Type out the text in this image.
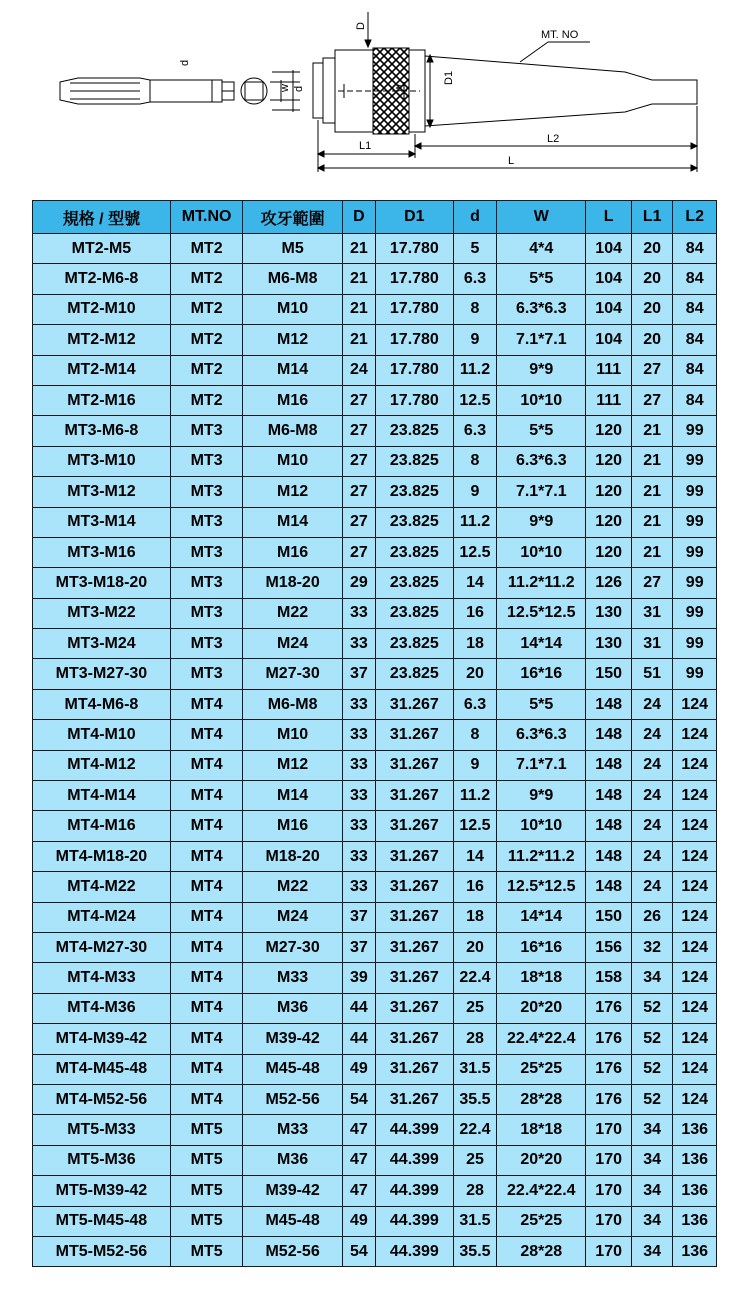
d
w d	w
D
MT. NO
D1
L1
L2
L
規格 / 型號	MT.NO	攻牙範圍	D	D1	d	W	L	L1	L2
MT2-M5	MT2	M5	21	17.780	5	4*4	104	20	84
MT2-M6-8	MT2	M6-M8	21	17.780	6.3	5*5	104	20	84
MT2-M10	MT2	M10	21	17.780	8	6.3*6.3	104	20	84
MT2-M12	MT2	M12	21	17.780	9	7.1*7.1	104	20	84
MT2-M14	MT2	M14	24	17.780	11.2	9*9	111	27	84
MT2-M16	MT2	M16	27	17.780	12.5	10*10	111	27	84
MT3-M6-8	MT3	M6-M8	27	23.825	6.3	5*5	120	21	99
MT3-M10	MT3	M10	27	23.825	8	6.3*6.3	120	21	99
MT3-M12	MT3	M12	27	23.825	9	7.1*7.1	120	21	99
MT3-M14	MT3	M14	27	23.825	11.2	9*9	120	21	99
MT3-M16	MT3	M16	27	23.825	12.5	10*10	120	21	99
MT3-M18-20	MT3	M18-20	29	23.825	14	11.2*11.2	126	27	99
MT3-M22	MT3	M22	33	23.825	16	12.5*12.5	130	31	99
MT3-M24	MT3	M24	33	23.825	18	14*14	130	31	99
MT3-M27-30	MT3	M27-30	37	23.825	20	16*16	150	51	99
MT4-M6-8	MT4	M6-M8	33	31.267	6.3	5*5	148	24	124
MT4-M10	MT4	M10	33	31.267	8	6.3*6.3	148	24	124
MT4-M12	MT4	M12	33	31.267	9	7.1*7.1	148	24	124
MT4-M14	MT4	M14	33	31.267	11.2	9*9	148	24	124
MT4-M16	MT4	M16	33	31.267	12.5	10*10	148	24	124
MT4-M18-20	MT4	M18-20	33	31.267	14	11.2*11.2	148	24	124
MT4-M22	MT4	M22	33	31.267	16	12.5*12.5	148	24	124
MT4-M24	MT4	M24	37	31.267	18	14*14	150	26	124
MT4-M27-30	MT4	M27-30	37	31.267	20	16*16	156	32	124
MT4-M33	MT4	M33	39	31.267	22.4	18*18	158	34	124
MT4-M36	MT4	M36	44	31.267	25	20*20	176	52	124
MT4-M39-42	MT4	M39-42	44	31.267	28	22.4*22.4	176	52	124
MT4-M45-48	MT4	M45-48	49	31.267	31.5	25*25	176	52	124
MT4-M52-56	MT4	M52-56	54	31.267	35.5	28*28	176	52	124
MT5-M33	MT5	M33	47	44.399	22.4	18*18	170	34	136
MT5-M36	MT5	M36	47	44.399	25	20*20	170	34	136
MT5-M39-42	MT5	M39-42	47	44.399	28	22.4*22.4	170	34	136
MT5-M45-48	MT5	M45-48	49	44.399	31.5	25*25	170	34	136
MT5-M52-56	MT5	M52-56	54	44.399	35.5	28*28	170	34	136
